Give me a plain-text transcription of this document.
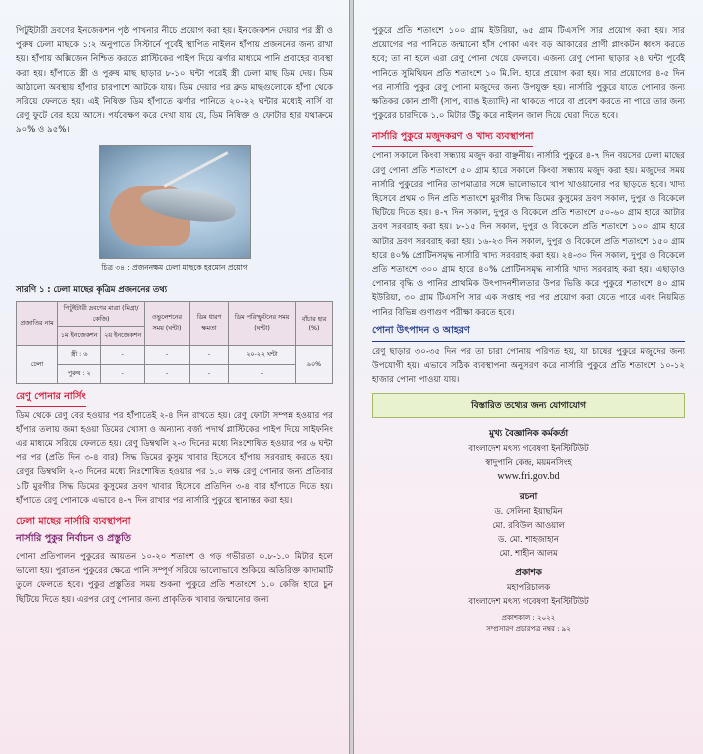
পিটুইটারী দ্রবণের ইনজেকশন পৃষ্ঠ পাখনার নীচে প্রয়োগ করা হয়। ইনজেকশন দেয়ার পর স্ত্রী ও পুরুষ ঢেলা মাছকে ১:২ অনুপাতে সিস্টার্নে পূর্বেই স্থাপিত নাইলন হাঁপায় প্রজননের জন্য রাখা হয়। হাঁপায় অক্সিজেন নিশ্চিত করতে প্লাস্টিকের পাইপ দিয়ে ঝর্ণার মাধ্যমে পানি প্রবাহের ব্যবস্থা করা হয়। হাঁপাতে স্ত্রী ও পুরুষ মাছ ছাড়ার ৮-১০ ঘন্টা পরেই স্ত্রী ঢেলা মাছ ডিম দেয়। ডিম আঠালো অবস্থায় হাঁপার চারপাশে আটকে যায়। ডিম দেয়ার পর ব্রুড মাছগুলোকে হাঁপা থেকে সরিয়ে ফেলতে হয়। এই নিষিক্ত ডিম হাঁপাতে ঝর্ণার পানিতে ২০-২২ ঘন্টার মধ্যেই নার্সি বা রেণু ফুটে বের হয়ে আসে। পর্যবেক্ষণ করে দেখা যায় যে, ডিম নিষিক্ত ও ফোটার হার যথাক্রমে ৯০% ও ৯৫%।

চিত্র ৩৪ : প্রজননক্ষম ঢেলা মাছকে হরমোন প্রয়োগ
সারণি ১ : ঢেলা মাছের কৃত্রিম প্রজননের তথ্য
প্রজাতির নাম	পিটুইটারী দ্রবণের মাত্রা (মিগ্রা/কেজি)		ওভুলেশনের সময় (ঘন্টা)	ডিম ধারণ ক্ষমতা	ডিম পরিস্ফুটনের সময় (ঘন্টা)	বাঁচার হার (%)
	১ম ইনজেকশন	২য় ইনজেকশন				
ঢেলা	স্ত্রী : ৬	-	-	-	২০-২২ ঘন্টা	৯০%
	পুরুষ : ২	-	-	-	-	
রেণু পোনার নার্সিং

ডিম থেকে রেণু বের হওয়ার পর হাঁপাতেই ২-৪ দিন রাখতে হয়। রেণু ফোটা সম্পন্ন হওয়ার পর হাঁপার তলায় জমা হওয়া ডিমের খোসা ও অন্যান্য বর্জ্য পদার্থ প্লাস্টিকের পাইপ দিয়ে সাইফনিং এর মাধ্যমে সরিয়ে ফেলতে হয়। রেণু ডিম্বথলি ২-৩ দিনের মধ্যে নিঃশোষিত হওয়ার পর ৬ ঘন্টা পর পর (প্রতি দিন ৩-৪ বার) সিদ্ধ ডিমের কুসুম খাবার হিসেবে হাঁপায় সরবরাহ করতে হয়। রেণুর ডিম্বথলি ২-৩ দিনের মধ্যে নিঃশোষিত হওয়ার পর ১.০ লক্ষ রেণু পোনার জন্য প্রতিবার ১টি মুরগীর সিদ্ধ ডিমের কুসুমের দ্রবণ খাবার হিসেবে প্রতিদিন ৩-৪ বার হাঁপাতে দিতে হয়। হাঁপাতে রেণু পোনাকে এভাবে ৪-৭ দিন রাখার পর নার্সারি পুকুরে স্থানান্তর করা হয়।

ঢেলা মাছের নার্সারি ব্যবস্থাপনা
নার্সারি পুকুর নির্বাচন ও প্রস্তুতি

পোনা প্রতিপালন পুকুরের আয়তন ১০-২০ শতাংশ ও গড় গভীরতা ০.৮-১.০ মিটার হলে ভালো হয়। পুরাতন পুকুরের ক্ষেত্রে পানি সম্পূর্ণ সরিয়ে ভালোভাবে শুকিয়ে অতিরিক্ত কাদামাটি তুলে ফেলতে হবে। পুকুর প্রস্তুতির সময় শুকনা পুকুরে প্রতি শতাংশে ১.০ কেজি হারে চুন ছিটিয়ে দিতে হয়। এরপর রেণু পোনার জন্য প্রাকৃতিক খাবার জন্মানোর জন্য

পুকুরে প্রতি শতাংশে ১০০ গ্রাম ইউরিয়া, ৬৫ গ্রাম টিএসপি সার প্রয়োগ করা হয়। সার প্রয়োগের পর পানিতে জন্মানো হাঁস পোকা এবং বড় আকারের প্রাণী প্লাংকটন ধ্বংস করতে হবে; তা না হলে এরা রেণু পোনা খেয়ে ফেলবে। এজন্য রেণু পোনা ছাড়ার ২৪ ঘন্টা পূর্বেই পানিতে সুমিথিয়ন প্রতি শতাংশে ১০ মি.লি. হারে প্রয়োগ করা হয়। সার প্রয়োগের ৪-৫ দিন পর নার্সারি পুকুর রেণু পোনা মজুদের জন্য উপযুক্ত হয়। নার্সারি পুকুরে যাতে পোনার জন্য ক্ষতিকর কোন প্রাণী (সাপ, ব্যাঙ ইত্যাদি) না থাকতে পারে বা প্রবেশ করতে না পারে তার জন্য পুকুরের চারদিকে ১.০ মিটার উঁচু করে নাইলন জাল দিয়ে ঘেরা দিতে হবে।

নার্সারি পুকুরে মজুদকরণ ও খাদ্য ব্যবস্থাপনা

পোনা সকালে কিংবা সন্ধ্যায় মজুদ করা বাঞ্ছনীয়। নার্সারি পুকুরে ৪-৭ দিন বয়সের ঢেলা মাছের রেণু পোনা প্রতি শতাংশে ৫০ গ্রাম হারে সকালে কিংবা সন্ধ্যায় মজুদ করা হয়। মজুদের সময় নার্সারি পুকুরের পানির তাপমাত্রার সঙ্গে ভালোভাবে খাপ খাওয়ানোর পর ছাড়তে হবে। খাদ্য হিসেবে প্রথম ৩ দিন প্রতি শতাংশে মুরগীর সিদ্ধ ডিমের কুসুমের দ্রবণ সকাল, দুপুর ও বিকেলে ছিটিয়ে দিতে হয়। ৪-৭ দিন সকাল, দুপুর ও বিকেলে প্রতি শতাংশে ৫০-৬০ গ্রাম হারে আটার দ্রবণ সরবরাহ করা হয়। ৮-১৫ দিন সকাল, দুপুর ও বিকেলে প্রতি শতাংশে ১০০ গ্রাম হারে আটার দ্রবণ সরবরাহ করা হয়। ১৬-২৩ দিন সকাল, দুপুর ও বিকেলে প্রতি শতাংশে ১৫০ গ্রাম হারে ৪০% প্রোটিনসমৃদ্ধ নার্সারি খাদ্য সরবরাহ করা হয়। ২৪-৩০ দিন সকাল, দুপুর ও বিকেলে প্রতি শতাংশে ৩০০ গ্রাম হারে ৪০% প্রোটিনসমৃদ্ধ নার্সারি খাদ্য সরবরাহ করা হয়। এছাড়াও পোনার বৃদ্ধি ও পানির প্রাথমিক উৎপাদনশীলতার উপর ভিত্তি করে পুকুরে শতাংশে ৪০ গ্রাম ইউরিয়া, ৩০ গ্রাম টিএসপি সার এক সপ্তাহ পর পর প্রয়োগ করা যেতে পারে এবং নিয়মিত পানির বিভিন্ন গুণাগুণ পরীক্ষা করতে হবে।

পোনা উৎপাদন ও আহরণ

রেণু ছাড়ার ৩০-৩৫ দিন পর তা চারা পোনায় পরিণত হয়, যা চাষের পুকুরে মজুদের জন্য উপযোগী হয়। এভাবে সঠিক ব্যবস্থাপনা অনুসরণ করে নার্সারি পুকুরে প্রতি শতাংশে ১০-১২ হাজার পোনা পাওয়া যায়।

বিস্তারিত তথ্যের জন্য যোগাযোগ
মুখ্য বৈজ্ঞানিক কর্মকর্তা
বাংলাদেশ মৎস্য গবেষণা ইনস্টিটিউট
স্বাদুপানি কেন্দ্র, ময়মনসিংহ
www.fri.gov.bd
রচনা
ড. সেলিনা ইয়াছমিন
মো. রবিউল আওয়াল
ড. মো. শাহজাহান
মো. শাহীন আলম
প্রকাশক
মহাপরিচালক
বাংলাদেশ মৎস্য গবেষণা ইনস্টিটিউট
প্রকাশকাল : ২০২২
সম্প্রসারণ প্রচারপত্র নম্বর : ৯২
